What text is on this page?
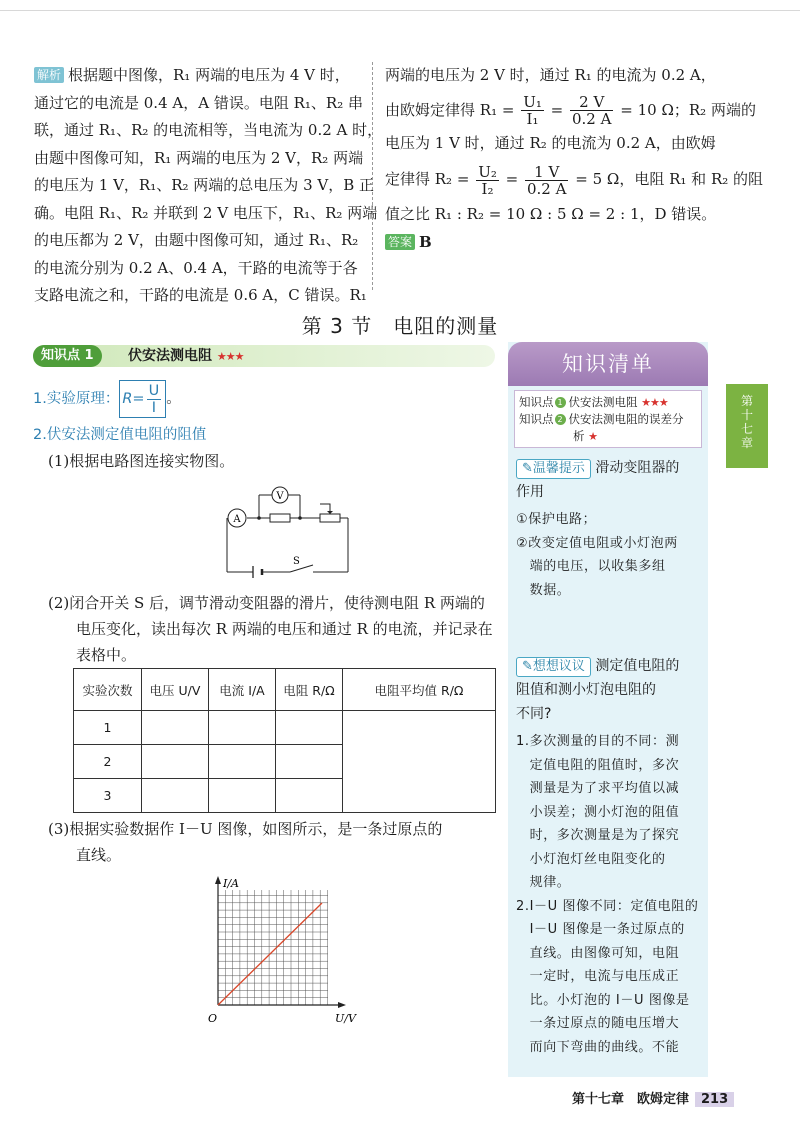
解析 根据题中图像，R₁ 两端的电压为 4 V 时，

通过它的电流是 0.4 A，A 错误。电阻 R₁、R₂ 串

联，通过 R₁、R₂ 的电流相等，当电流为 0.2 A 时，

由题中图像可知，R₁ 两端的电压为 2 V，R₂ 两端

的电压为 1 V，R₁、R₂ 两端的总电压为 3 V，B 正

确。电阻 R₁、R₂ 并联到 2 V 电压下，R₁、R₂ 两端

的电压都为 2 V，由题中图像可知，通过 R₁、R₂

的电流分别为 0.2 A、0.4 A，干路的电流等于各

支路电流之和，干路的电流是 0.6 A，C 错误。R₁

两端的电压为 2 V 时，通过 R₁ 的电流为 0.2 A，

由欧姆定律得 $R_1 = \frac{\text{U₁}}{\text{I₁}} = \frac{2 V}{0.2 A} = 10$ Ω；R₂ 两端的

电压为 1 V 时，通过 R₂ 的电流为 0.2 A，由欧姆

定律得 $R_2 = \frac{\text{U₂}}{\text{I₂}} = \frac{1 V}{0.2 A} = 5$ Ω，电阻 R₁ 和 R₂ 的阻

值之比 R₁ : R₂ = 10 Ω : 5 Ω = 2 : 1，D 错误。

答案 B

第 3 节　电阻的测量
知识点 1	伏安法测电阻 ★★★
1.实验原理： $R= \frac{U}{I}$ 。
2.伏安法测定值电阻的阻值
(1)根据电路图连接实物图。
A
V
S
(2)闭合开关 S 后，调节滑动变阻器的滑片，使待测电阻 R 两端的
电压变化，读出每次 R 两端的电压和通过 R 的电流，并记录在
表格中。
实验次数	电压 U/V	电流 I/A	电阻 R/Ω	电阻平均值 R/Ω
1				
2				
3				
(3)根据实验数据作 I－U 图像，如图所示，是一条过原点的
直线。
I/A
U/V
O
知识清单
知识点 1 伏安法测电阻 ★★★
知识点 2 伏安法测电阻的误差分
析 ★
✎温馨提示 滑动变阻器的
作用
①保护电路；
②改变定值电阻或小灯泡两
　端的电压，以收集多组
　数据。
✎想想议议 测定值电阻的
阻值和测小灯泡电阻的
不同?
1.多次测量的目的不同：测
　定值电阻的阻值时，多次
　测量是为了求平均值以减
　小误差；测小灯泡的阻值
　时，多次测量是为了探究
　小灯泡灯丝电阻变化的
　规律。
2.I－U 图像不同：定值电阻的
　I－U 图像是一条过原点的
　直线。由图像可知，电阻
　一定时，电流与电压成正
　比。小灯泡的 I－U 图像是
　一条过原点的随电压增大
　而向下弯曲的曲线。不能
第
十
七
章
第十七章　欧姆定律 213
